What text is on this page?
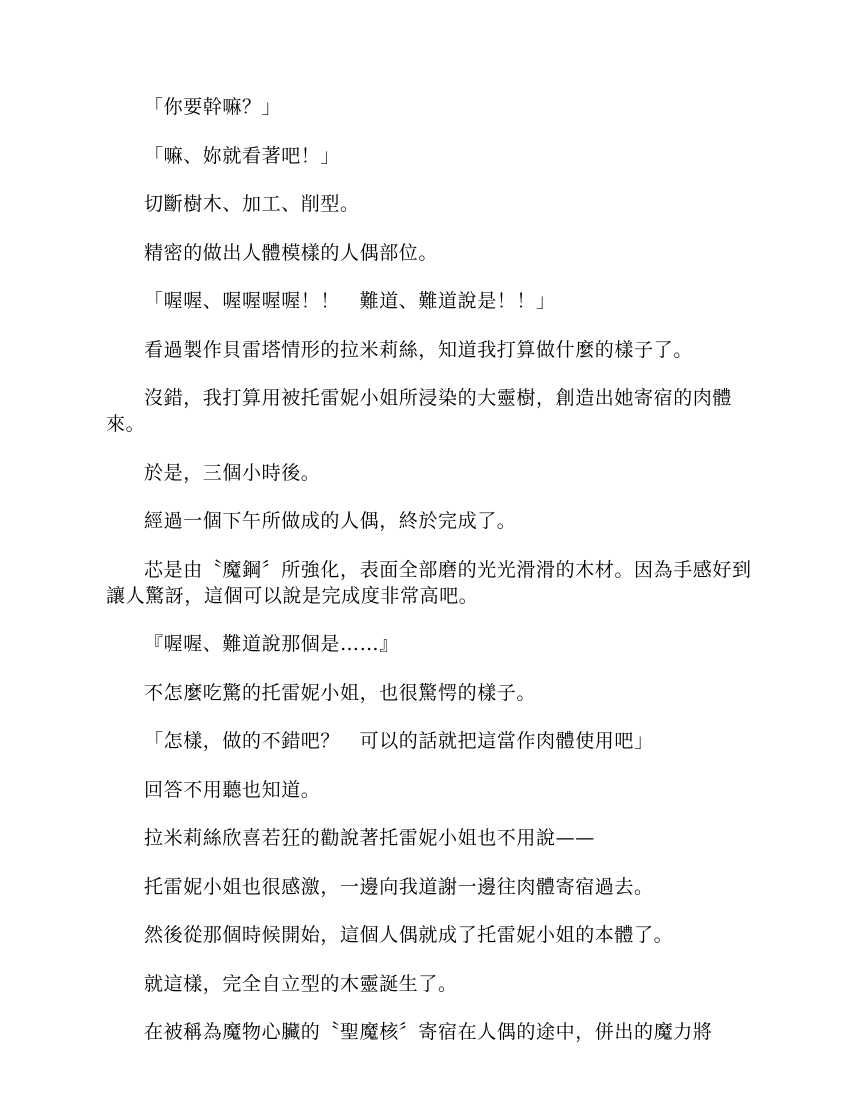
「你要幹嘛？」

「嘛、妳就看著吧！」

切斷樹木、加工、削型。

精密的做出人體模樣的人偶部位。

「喔喔、喔喔喔喔！！　難道、難道說是！！」

看過製作貝雷塔情形的拉米莉絲，知道我打算做什麼的樣子了。

沒錯，我打算用被托雷妮小姐所浸染的大靈樹，創造出她寄宿的肉體來。

於是，三個小時後。

經過一個下午所做成的人偶，終於完成了。

芯是由〝魔鋼〞所強化，表面全部磨的光光滑滑的木材。因為手感好到讓人驚訝，這個可以說是完成度非常高吧。

『喔喔、難道說那個是……』

不怎麼吃驚的托雷妮小姐，也很驚愕的樣子。

「怎樣，做的不錯吧？　可以的話就把這當作肉體使用吧」

回答不用聽也知道。

拉米莉絲欣喜若狂的勸說著托雷妮小姐也不用說——

托雷妮小姐也很感激，一邊向我道謝一邊往肉體寄宿過去。

然後從那個時候開始，這個人偶就成了托雷妮小姐的本體了。

就這樣，完全自立型的木靈誕生了。

在被稱為魔物心臟的〝聖魔核〞寄宿在人偶的途中，併出的魔力將
